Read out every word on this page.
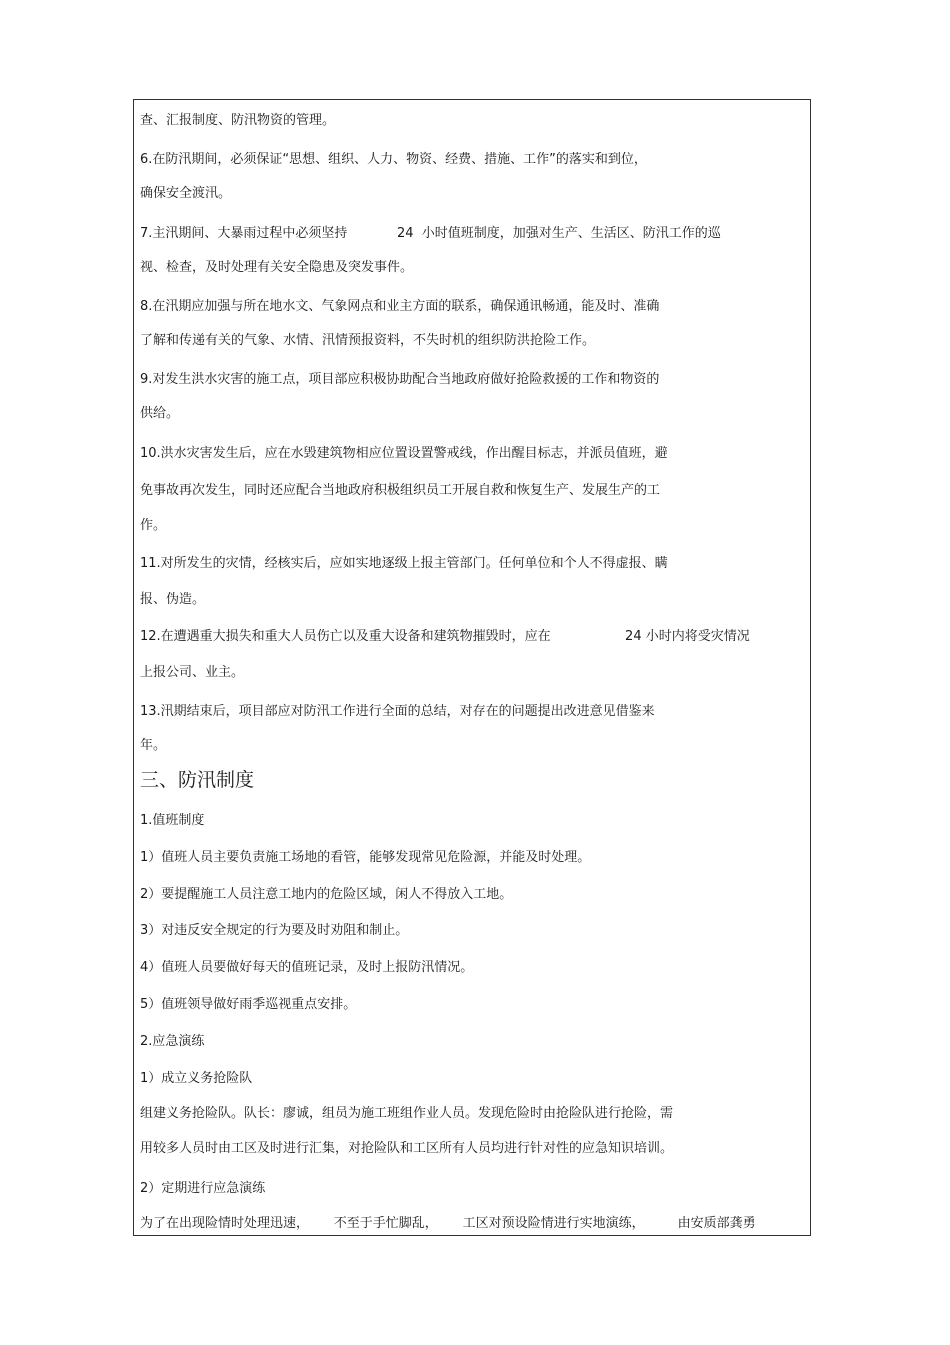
查、汇报制度、防汛物资的管理。
6.在防汛期间，必须保证“思想、组织、人力、物资、经费、措施、工作”的落实和到位，
确保安全渡汛。
7.主汛期间、大暴雨过程中必须坚持            24  小时值班制度，加强对生产、生活区、防汛工作的巡
视、检查，及时处理有关安全隐患及突发事件。
8.在汛期应加强与所在地水文、气象网点和业主方面的联系，确保通讯畅通，能及时、准确
了解和传递有关的气象、水情、汛情预报资料，不失时机的组织防洪抢险工作。
9.对发生洪水灾害的施工点，项目部应积极协助配合当地政府做好抢险救援的工作和物资的
供给。
10.洪水灾害发生后，应在水毁建筑物相应位置设置警戒线，作出醒目标志，并派员值班，避
免事故再次发生，同时还应配合当地政府积极组织员工开展自救和恢复生产、发展生产的工
作。
11.对所发生的灾情，经核实后，应如实地逐级上报主管部门。任何单位和个人不得虚报、瞒
报、伪造。
12.在遭遇重大损失和重大人员伤亡以及重大设备和建筑物摧毁时，应在                  24 小时内将受灾情况
上报公司、业主。
13.汛期结束后，项目部应对防汛工作进行全面的总结，对存在的问题提出改进意见借鉴来
年。
三、防汛制度
1.值班制度
1）值班人员主要负责施工场地的看管，能够发现常见危险源，并能及时处理。
2）要提醒施工人员注意工地内的危险区域，闲人不得放入工地。
3）对违反安全规定的行为要及时劝阻和制止。
4）值班人员要做好每天的值班记录，及时上报防汛情况。
5）值班领导做好雨季巡视重点安排。
2.应急演练
1）成立义务抢险队
组建义务抢险队。队长：廖诚，组员为施工班组作业人员。发现危险时由抢险队进行抢险，需
用较多人员时由工区及时进行汇集，对抢险队和工区所有人员均进行针对性的应急知识培训。
2）定期进行应急演练
为了在出现险情时处理迅速，      不至于手忙脚乱，      工区对预设险情进行实地演练，        由安质部龚勇
